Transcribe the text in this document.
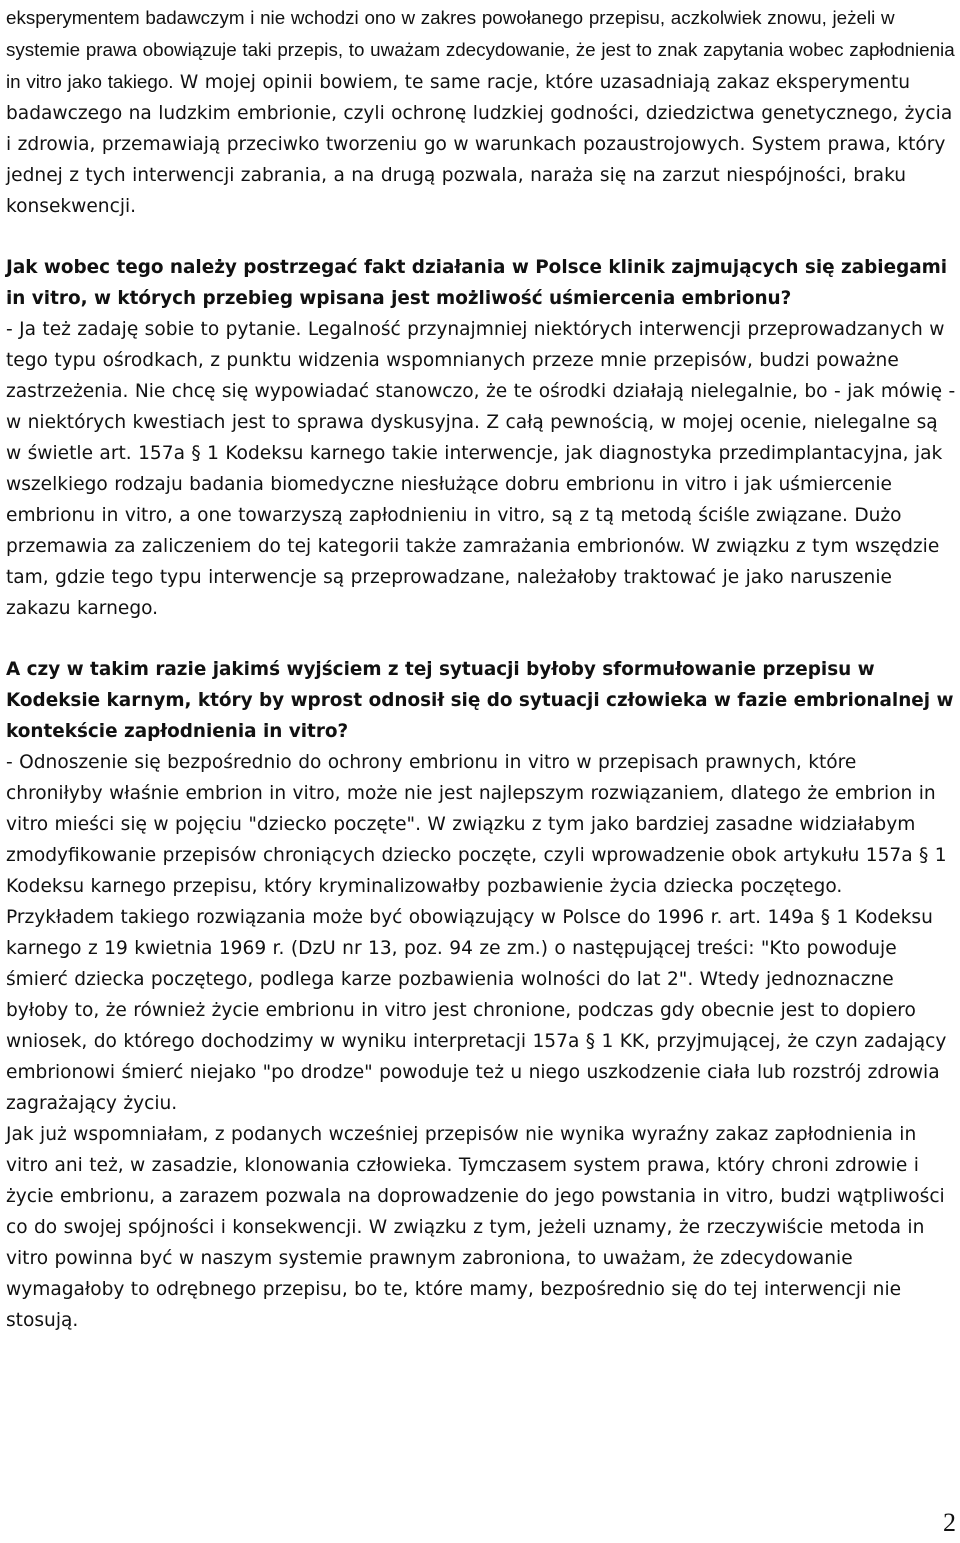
eksperymentem badawczym i nie wchodzi ono w zakres powołanego przepisu, aczkolwiek znowu, jeżeli w systemie prawa obowiązuje taki przepis, to uważam zdecydowanie, że jest to znak zapytania wobec zapłodnienia in vitro jako takiego. W mojej opinii bowiem, te same racje, które uzasadniają zakaz eksperymentu badawczego na ludzkim embrionie, czyli ochronę ludzkiej godności, dziedzictwa genetycznego, życia i zdrowia, przemawiają przeciwko tworzeniu go w warunkach pozaustrojowych. System prawa, który jednej z tych interwencji zabrania, a na drugą pozwala, naraża się na zarzut niespójności, braku konsekwencji.

Jak wobec tego należy postrzegać fakt działania w Polsce klinik zajmujących się zabiegami in vitro, w których przebieg wpisana jest możliwość uśmiercenia embrionu?

- Ja też zadaję sobie to pytanie. Legalność przynajmniej niektórych interwencji przeprowadzanych w tego typu ośrodkach, z punktu widzenia wspomnianych przeze mnie przepisów, budzi poważne zastrzeżenia. Nie chcę się wypowiadać stanowczo, że te ośrodki działają nielegalnie, bo - jak mówię - w niektórych kwestiach jest to sprawa dyskusyjna. Z całą pewnością, w mojej ocenie, nielegalne są w świetle art. 157a § 1 Kodeksu karnego takie interwencje, jak diagnostyka przedimplantacyjna, jak wszelkiego rodzaju badania biomedyczne niesłużące dobru embrionu in vitro i jak uśmiercenie embrionu in vitro, a one towarzyszą zapłodnieniu in vitro, są z tą metodą ściśle związane. Dużo przemawia za zaliczeniem do tej kategorii także zamrażania embrionów. W związku z tym wszędzie tam, gdzie tego typu interwencje są przeprowadzane, należałoby traktować je jako naruszenie zakazu karnego.

A czy w takim razie jakimś wyjściem z tej sytuacji byłoby sformułowanie przepisu w Kodeksie karnym, który by wprost odnosił się do sytuacji człowieka w fazie embrionalnej w kontekście zapłodnienia in vitro?

- Odnoszenie się bezpośrednio do ochrony embrionu in vitro w przepisach prawnych, które chroniłyby właśnie embrion in vitro, może nie jest najlepszym rozwiązaniem, dlatego że embrion in vitro mieści się w pojęciu "dziecko poczęte". W związku z tym jako bardziej zasadne widziałabym zmodyfikowanie przepisów chroniących dziecko poczęte, czyli wprowadzenie obok artykułu 157a § 1 Kodeksu karnego przepisu, który kryminalizowałby pozbawienie życia dziecka poczętego. Przykładem takiego rozwiązania może być obowiązujący w Polsce do 1996 r. art. 149a § 1 Kodeksu karnego z 19 kwietnia 1969 r. (DzU nr 13, poz. 94 ze zm.) o następującej treści: "Kto powoduje śmierć dziecka poczętego, podlega karze pozbawienia wolności do lat 2". Wtedy jednoznaczne byłoby to, że również życie embrionu in vitro jest chronione, podczas gdy obecnie jest to dopiero wniosek, do którego dochodzimy w wyniku interpretacji 157a § 1 KK, przyjmującej, że czyn zadający embrionowi śmierć niejako "po drodze" powoduje też u niego uszkodzenie ciała lub rozstrój zdrowia zagrażający życiu.

Jak już wspomniałam, z podanych wcześniej przepisów nie wynika wyraźny zakaz zapłodnienia in vitro ani też, w zasadzie, klonowania człowieka. Tymczasem system prawa, który chroni zdrowie i życie embrionu, a zarazem pozwala na doprowadzenie do jego powstania in vitro, budzi wątpliwości co do swojej spójności i konsekwencji. W związku z tym, jeżeli uznamy, że rzeczywiście metoda in vitro powinna być w naszym systemie prawnym zabroniona, to uważam, że zdecydowanie wymagałoby to odrębnego przepisu, bo te, które mamy, bezpośrednio się do tej interwencji nie stosują.

2
